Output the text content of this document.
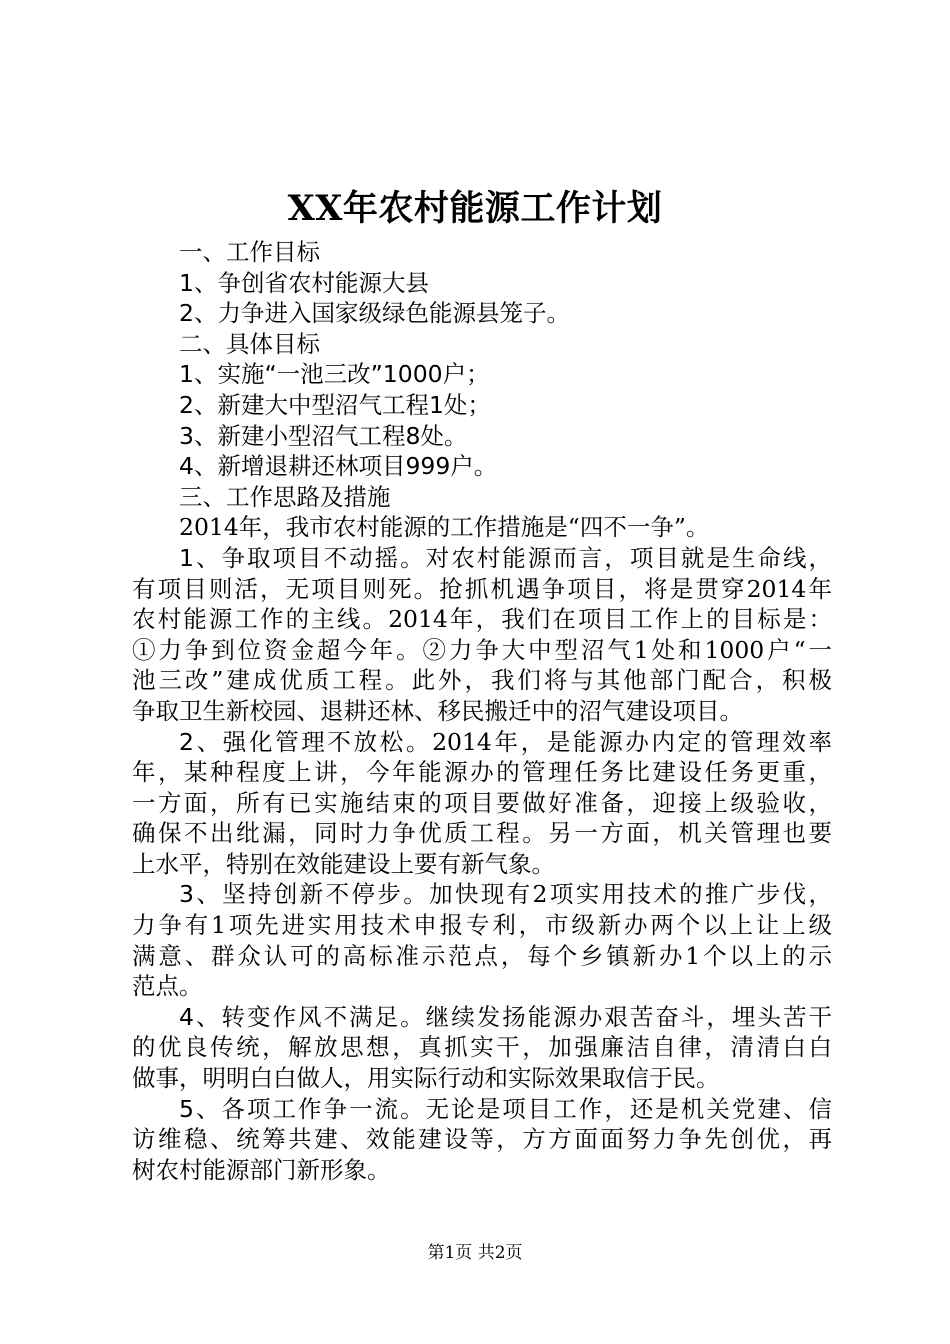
XX年农村能源工作计划
一、工作目标
1、争创省农村能源大县
2、力争进入国家级绿色能源县笼子。
二、具体目标
1、实施“一池三改”1000户；
2、新建大中型沼气工程1处；
3、新建小型沼气工程8处。
4、新增退耕还林项目999户。
三、工作思路及措施
2014年，我市农村能源的工作措施是“四不一争”。
1、争取项目不动摇。对农村能源而言，项目就是生命线，
有项目则活，无项目则死。抢抓机遇争项目，将是贯穿2014年
农村能源工作的主线。2014年，我们在项目工作上的目标是：
①力争到位资金超今年。②力争大中型沼气1处和1000户“一
池三改”建成优质工程。此外，我们将与其他部门配合，积极
争取卫生新校园、退耕还林、移民搬迁中的沼气建设项目。
2、强化管理不放松。2014年，是能源办内定的管理效率
年，某种程度上讲，今年能源办的管理任务比建设任务更重，
一方面，所有已实施结束的项目要做好准备，迎接上级验收，
确保不出纰漏，同时力争优质工程。另一方面，机关管理也要
上水平，特别在效能建设上要有新气象。
3、坚持创新不停步。加快现有2项实用技术的推广步伐，
力争有1项先进实用技术申报专利，市级新办两个以上让上级
满意、群众认可的高标准示范点，每个乡镇新办1个以上的示
范点。
4、转变作风不满足。继续发扬能源办艰苦奋斗，埋头苦干
的优良传统，解放思想，真抓实干，加强廉洁自律，清清白白
做事，明明白白做人，用实际行动和实际效果取信于民。
5、各项工作争一流。无论是项目工作，还是机关党建、信
访维稳、统筹共建、效能建设等，方方面面努力争先创优，再
树农村能源部门新形象。
第1页 共2页
